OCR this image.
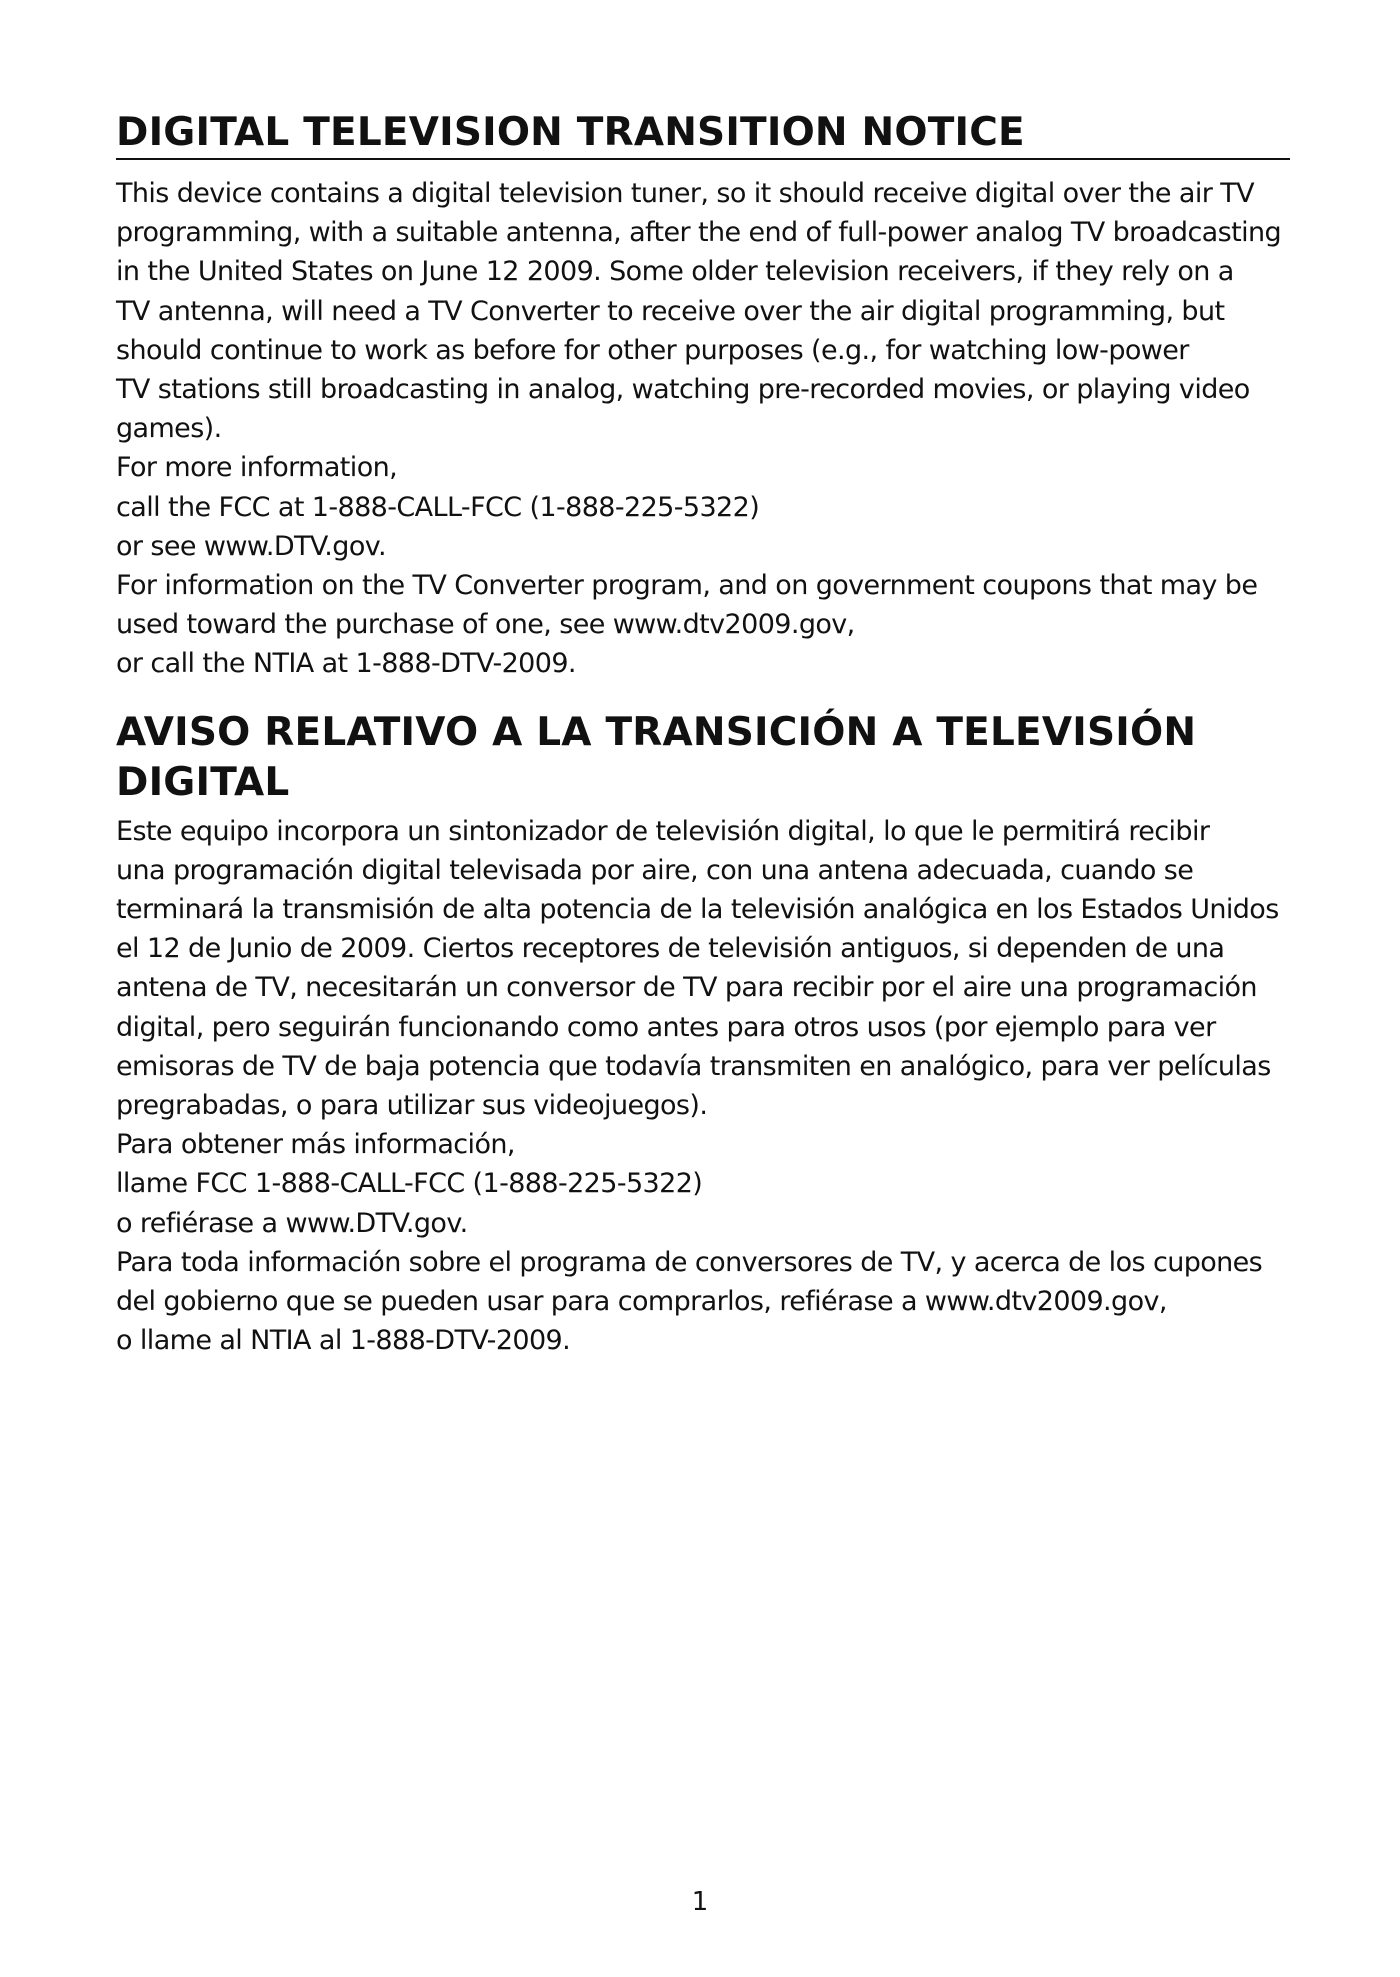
DIGITAL TELEVISION TRANSITION NOTICE
This device contains a digital television tuner, so it should receive digital over the air TV
programming, with a suitable antenna, after the end of full-power analog TV broadcasting
in the United States on June 12 2009. Some older television receivers, if they rely on a
TV antenna, will need a TV Converter to receive over the air digital programming, but
should continue to work as before for other purposes (e.g., for watching low-power
TV stations still broadcasting in analog, watching pre-recorded movies, or playing video
games).
For more information,
call the FCC at 1-888-CALL-FCC (1-888-225-5322)
or see www.DTV.gov.
For information on the TV Converter program, and on government coupons that may be
used toward the purchase of one, see www.dtv2009.gov,
or call the NTIA at 1-888-DTV-2009.
AVISO RELATIVO A LA TRANSICIÓN A TELEVISIÓN
DIGITAL
Este equipo incorpora un sintonizador de televisión digital, lo que le permitirá recibir
una programación digital televisada por aire, con una antena adecuada, cuando se
terminará la transmisión de alta potencia de la televisión analógica en los Estados Unidos
el 12 de Junio de 2009. Ciertos receptores de televisión antiguos, si dependen de una
antena de TV, necesitarán un conversor de TV para recibir por el aire una programación
digital, pero seguirán funcionando como antes para otros usos (por ejemplo para ver
emisoras de TV de baja potencia que todavía transmiten en analógico, para ver películas
pregrabadas, o para utilizar sus videojuegos).
Para obtener más información,
llame FCC 1-888-CALL-FCC (1-888-225-5322)
o refiérase a www.DTV.gov.
Para toda información sobre el programa de conversores de TV, y acerca de los cupones
del gobierno que se pueden usar para comprarlos, refiérase a www.dtv2009.gov,
o llame al NTIA al 1-888-DTV-2009.
1
